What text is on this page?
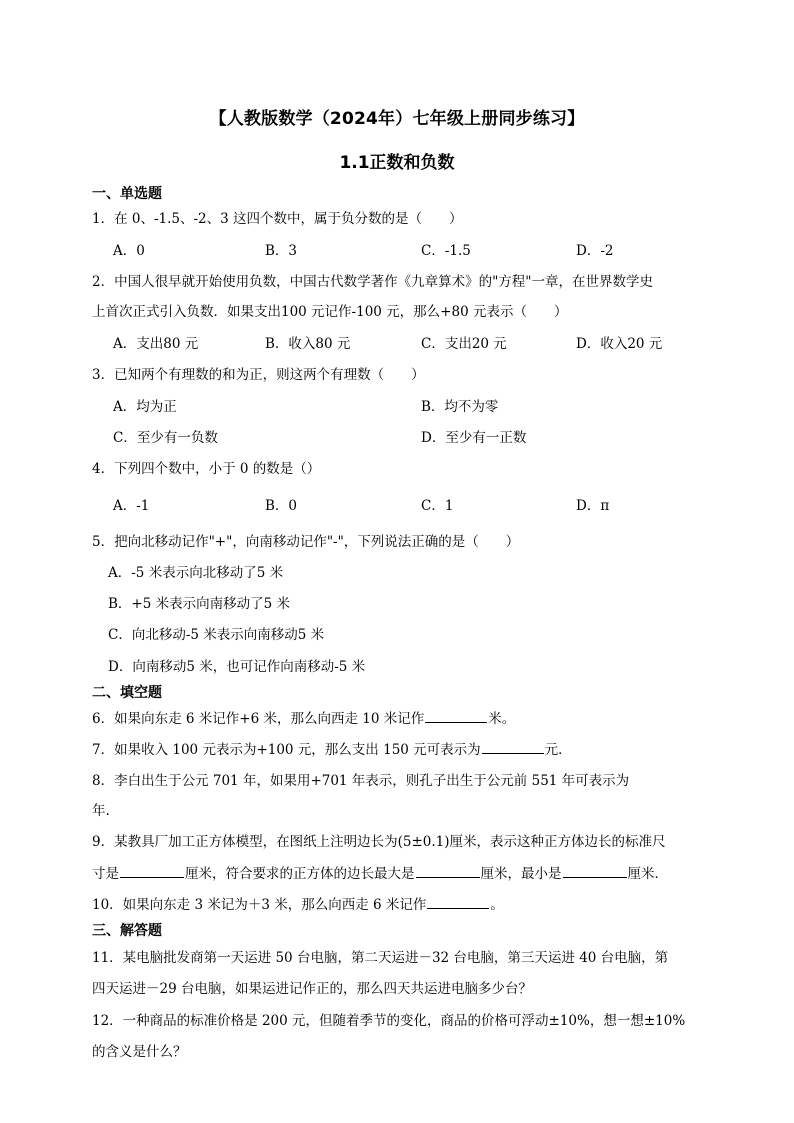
【人教版数学（2024年）七年级上册同步练习】
1.1正数和负数
一、单选题
1．在 0、-1.5、-2、3 这四个数中，属于负分数的是（　　）
A．0	B．3	C．-1.5	D．-2
2．中国人很早就开始使用负数，中国古代数学著作《九章算术》的"方程"一章，在世界数学史
上首次正式引入负数．如果支出100 元记作-100 元，那么+80 元表示（　　）
A．支出80 元	B．收入80 元	C．支出20 元	D．收入20 元
3．已知两个有理数的和为正，则这两个有理数（　　）
A．均为正	B．均不为零
C．至少有一负数	D．至少有一正数
4．下列四个数中，小于 0 的数是（）
A．-1	B．0	C．1	D．π
5．把向北移动记作"+"，向南移动记作"-"，下列说法正确的是（　　）
A．-5 米表示向北移动了5 米
B．+5 米表示向南移动了5 米
C．向北移动-5 米表示向南移动5 米
D．向南移动5 米，也可记作向南移动-5 米
二、填空题
6．如果向东走 6 米记作+6 米，那么向西走 10 米记作	米。
7．如果收入 100 元表示为+100 元，那么支出 150 元可表示为	元．
8．李白出生于公元 701 年，如果用+701 年表示，则孔子出生于公元前 551 年可表示为
年.
9．某教具厂加工正方体模型，在图纸上注明边长为(5±0.1)厘米，表示这种正方体边长的标准尺
寸是	厘米，符合要求的正方体的边长最大是	厘米，最小是	厘米．
10．如果向东走 3 米记为＋3 米，那么向西走 6 米记作	。
三、解答题
11．某电脑批发商第一天运进 50 台电脑，第二天运进－32 台电脑，第三天运进 40 台电脑，第
四天运进－29 台电脑，如果运进记作正的，那么四天共运进电脑多少台？
12．一种商品的标准价格是 200 元，但随着季节的变化，商品的价格可浮动±10%，想一想±10%
的含义是什么？
